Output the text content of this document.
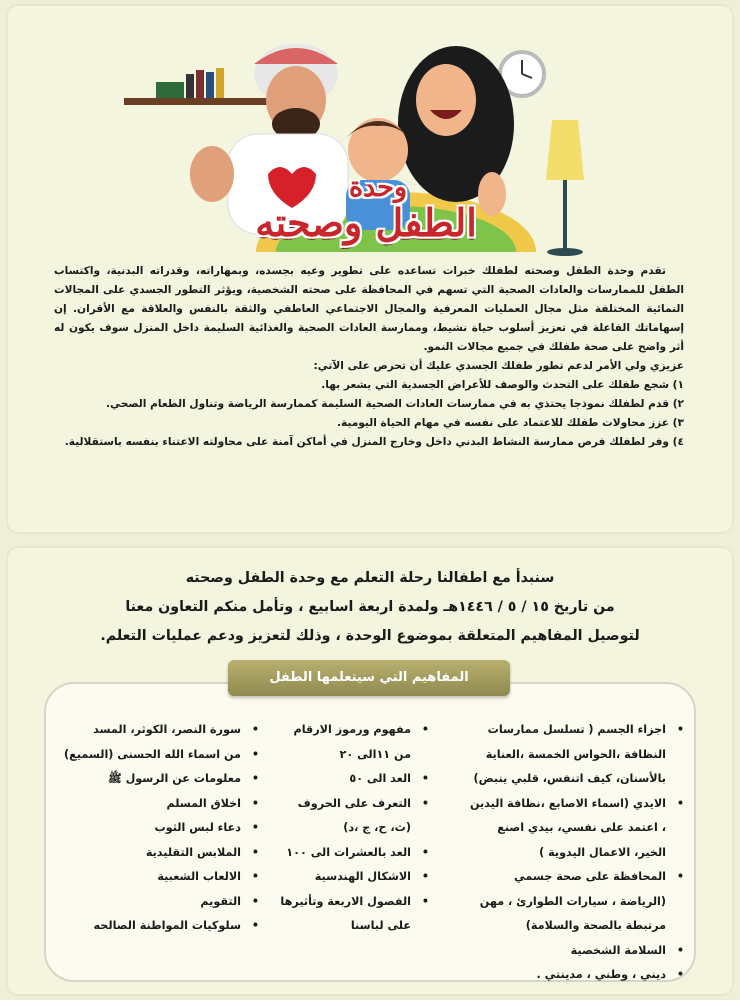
وحدة
الطفل وصحته

تقدم وحدة الطفل وصحته لطفلك خبرات تساعده على تطوير وعيه بجسده، وبمهاراته، وقدراته البدنية، واكتساب الطفل للممارسات والعادات الصحية التي تسهم في المحافظة على صحته الشخصية، ويؤثر التطور الجسدي على المجالات النمائية المختلفة مثل مجال العمليات المعرفية والمجال الاجتماعي العاطفي والثقة بالنفس والعلاقة مع الأقران. إن إسهاماتك الفاعلة في تعزيز أسلوب حياة نشيط، وممارسة العادات الصحية والغذائية السليمة داخل المنزل سوف يكون له أثر واضح على صحة طفلك في جميع مجالات النمو.

عزيزي ولي الأمر لدعم تطور طفلك الجسدي عليك أن تحرص على الآتي:

١) شجع طفلك على التحدث والوصف للأعراض الجسدية التي يشعر بها.
٢) قدم لطفلك نموذجا يحتذي به في ممارسات العادات الصحية السليمة كممارسة الرياضة وتناول الطعام الصحي.
٣) عزز محاولات طفلك للاعتماد على نفسه في مهام الحياة اليومية.
٤) وفر لطفلك فرص ممارسة النشاط البدني داخل وخارج المنزل في أماكن آمنة على محاولته الاعتناء بنفسه باستقلالية.
سنبدأ مع اطفالنا رحلة التعلم مع وحدة الطفل وصحته
من تاريخ ١٥ / ٥ / ١٤٤٦هـ ولمدة اربعة اسابيع ، وتأمل منكم التعاون معنا
لتوصيل المفاهيم المتعلقة بموضوع الوحدة ، وذلك لتعزيز ودعم عمليات التعلم.
المفاهيم التي سيتعلمها الطفل
• اجزاء الجسم ( تسلسل ممارسات النظافة ،الحواس الخمسة ،العناية بالأسنان، كيف اتنفس، قلبي ينبض)
• الايدي (اسماء الاصابع ،نظافة اليدين ، اعتمد على نفسي، بيدي اصنع الخير، الاعمال اليدوية )
• المحافظة على صحة جسمي (الرياضة ، سيارات الطوارئ ، مهن مرتبطة بالصحة والسلامة)
• السلامة الشخصية
• ديني ، وطني ، مدينتي .
• مفهوم ورموز الارقام من ١١الى ٢٠
• العد الى ٥٠
• التعرف على الحروف (ث، ح، ج ،د)
• العد بالعشرات الى ١٠٠
• الاشكال الهندسية
• الفصول الاربعة وتأثيرها على لباسنا
• سورة النصر، الكوثر، المسد
• من اسماء الله الحسنى (السميع)
• معلومات عن الرسول ﷺ
• اخلاق المسلم
• دعاء لبس الثوب
• الملابس التقليدية
• الالعاب الشعبية
• التقويم
• سلوكيات المواطنة الصالحه
